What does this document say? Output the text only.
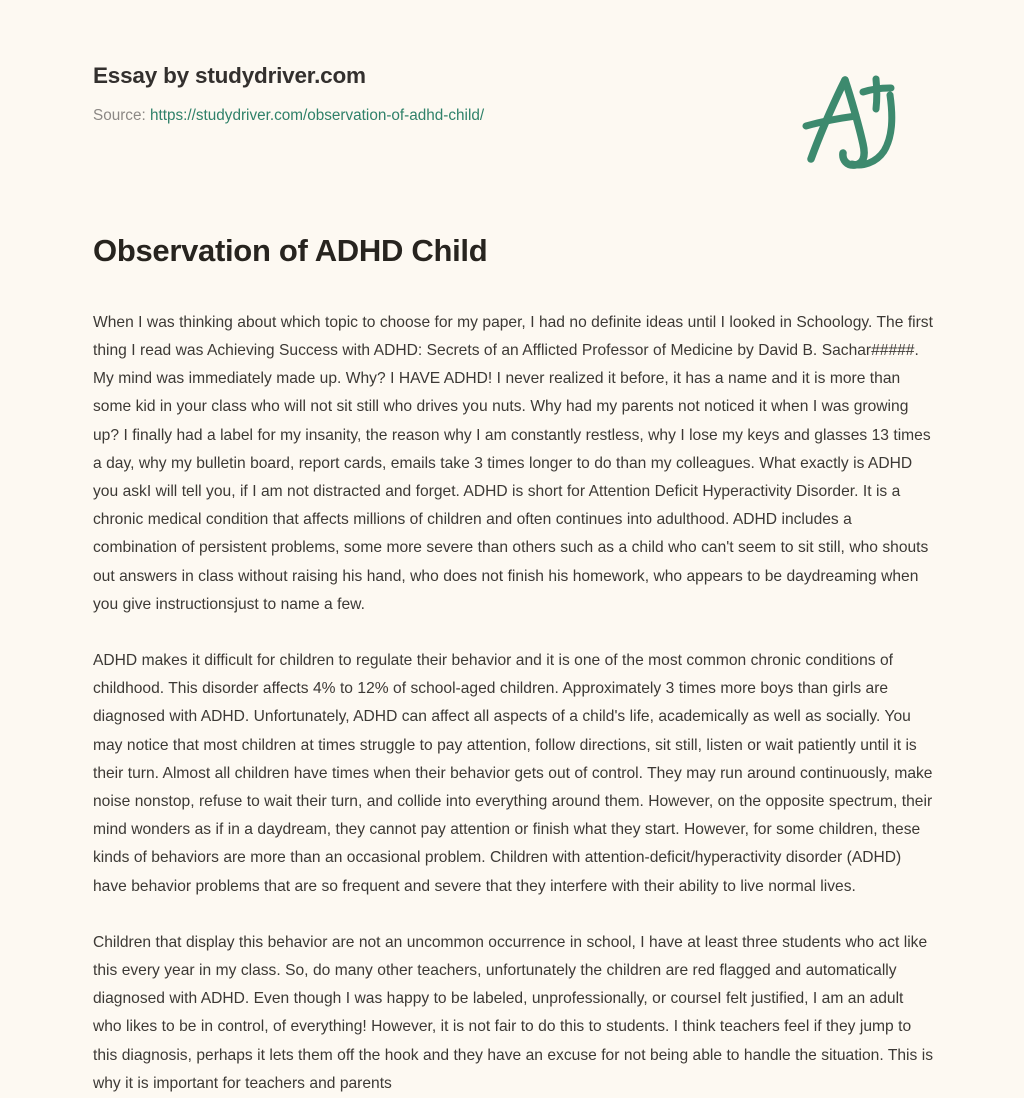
Essay by studydriver.com
Source: https://studydriver.com/observation-of-adhd-child/
Observation of ADHD Child

When I was thinking about which topic to choose for my paper, I had no definite ideas until I looked in Schoology. The first thing I read was Achieving Success with ADHD: Secrets of an Afflicted Professor of Medicine by David B. Sachar#####. My mind was immediately made up. Why? I HAVE ADHD! I never realized it before, it has a name and it is more than some kid in your class who will not sit still who drives you nuts. Why had my parents not noticed it when I was growing up? I finally had a label for my insanity, the reason why I am constantly restless, why I lose my keys and glasses 13 times a day, why my bulletin board, report cards, emails take 3 times longer to do than my colleagues. What exactly is ADHD you askI will tell you, if I am not distracted and forget. ADHD is short for Attention Deficit Hyperactivity Disorder. It is a chronic medical condition that affects millions of children and often continues into adulthood. ADHD includes a combination of persistent problems, some more severe than others such as a child who can't seem to sit still, who shouts out answers in class without raising his hand, who does not finish his homework, who appears to be daydreaming when you give instructionsjust to name a few.

ADHD makes it difficult for children to regulate their behavior and it is one of the most common chronic conditions of childhood. This disorder affects 4% to 12% of school-aged children. Approximately 3 times more boys than girls are diagnosed with ADHD. Unfortunately, ADHD can affect all aspects of a child's life, academically as well as socially. You may notice that most children at times struggle to pay attention, follow directions, sit still, listen or wait patiently until it is their turn. Almost all children have times when their behavior gets out of control. They may run around continuously, make noise nonstop, refuse to wait their turn, and collide into everything around them. However, on the opposite spectrum, their mind wonders as if in a daydream, they cannot pay attention or finish what they start. However, for some children, these kinds of behaviors are more than an occasional problem. Children with attention-deficit/hyperactivity disorder (ADHD) have behavior problems that are so frequent and severe that they interfere with their ability to live normal lives.

Children that display this behavior are not an uncommon occurrence in school, I have at least three students who act like this every year in my class. So, do many other teachers, unfortunately the children are red flagged and automatically diagnosed with ADHD. Even though I was happy to be labeled, unprofessionally, or courseI felt justified, I am an adult who likes to be in control, of everything! However, it is not fair to do this to students. I think teachers feel if they jump to this diagnosis, perhaps it lets them off the hook and they have an excuse for not being able to handle the situation. This is why it is important for teachers and parents
